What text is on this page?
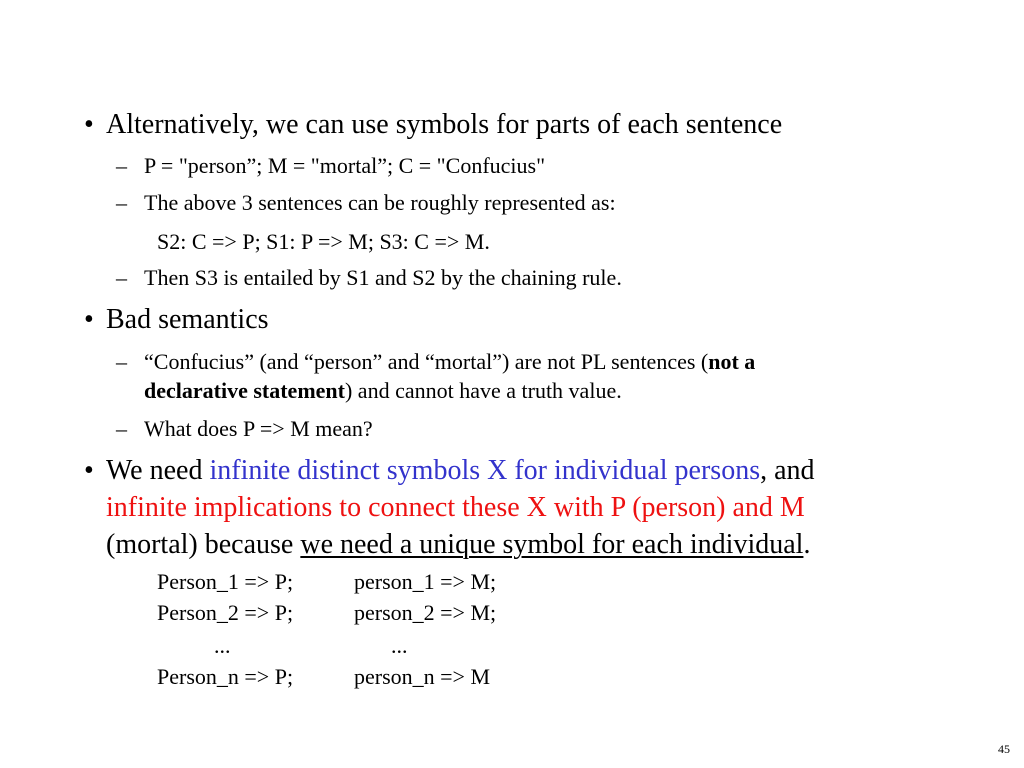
• Alternatively, we can use symbols for parts of each sentence
– P = "person”; M = "mortal”; C = "Confucius"
– The above 3 sentences can be roughly represented as:
S2: C => P; S1: P => M; S3: C => M.
– Then S3 is entailed by S1 and S2 by the chaining rule.
• Bad semantics
– “Confucius” (and “person” and “mortal”) are not PL sentences (not a
declarative statement) and cannot have a truth value.
– What does P => M mean?
• We need infinite distinct symbols X for individual persons, and
infinite implications to connect these X with P (person) and M
(mortal) because we need a unique symbol for each individual.
Person_1 => P;	person_1 => M;
Person_2 => P;	person_2 => M;
...	...
Person_n => P;	person_n => M
45
